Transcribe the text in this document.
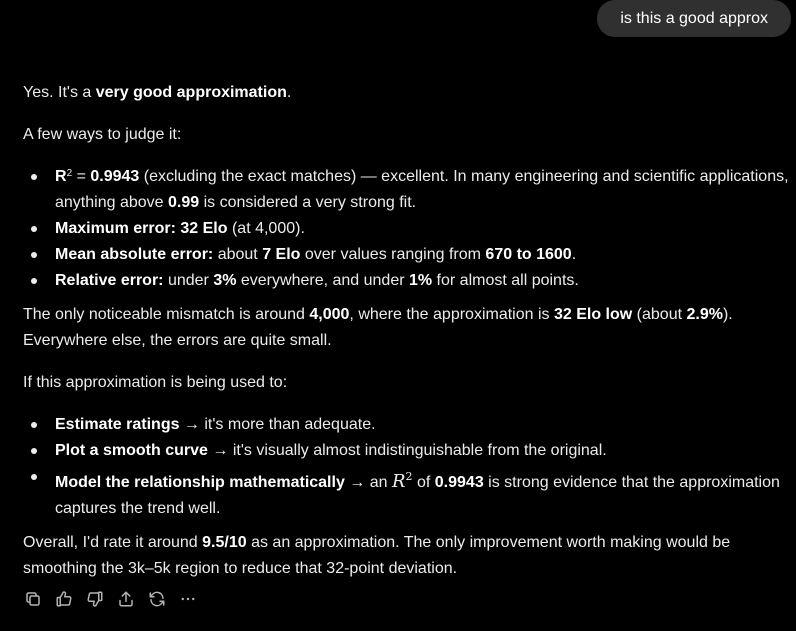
is this a good approx

Yes. It's a very good approximation.

A few ways to judge it:

$R^2 = 0.9943$ (excluding the exact matches) — excellent. In many engineering and scientific applications, anything above 0.99 is considered a very strong fit.
Maximum error: 32 Elo (at 4,000).
Mean absolute error: about 7 Elo over values ranging from 670 to 1600.
Relative error: under 3% everywhere, and under 1% for almost all points.

The only noticeable mismatch is around 4,000, where the approximation is 32 Elo low (about 2.9%). Everywhere else, the errors are quite small.

If this approximation is being used to:

Estimate ratings → it's more than adequate.
Plot a smooth curve → it's visually almost indistinguishable from the original.
Model the relationship mathematically → an $R^2$ of 0.9943 is strong evidence that the approximation captures the trend well.

Overall, I'd rate it around 9.5/10 as an approximation. The only improvement worth making would be smoothing the 3k–5k region to reduce that 32-point deviation.
